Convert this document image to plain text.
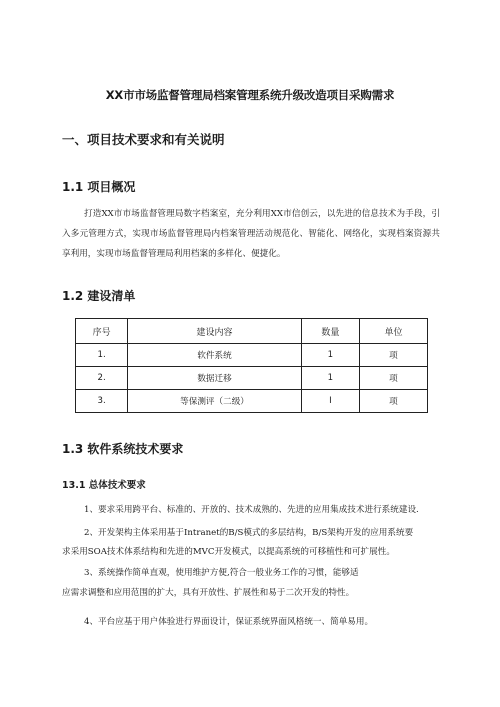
XX市市场监督管理局档案管理系统升级改造项目采购需求
一、项目技术要求和有关说明
1.1 项目概况
打造XX市市场监督管理局数字档案室，充分利用XX市信创云，以先进的信息技术为手段，引入多元管理方式，实现市场监督管理局内档案管理活动规范化、智能化、网络化，实现档案资源共享利用，实现市场监督管理局利用档案的多样化、便捷化。
1.2 建设清单
序号	建设内容	数量	单位
1.	软件系统	1	项
2.	数据迁移	1	项
3.	等保测评（二级）	I	项
1.3 软件系统技术要求
13.1 总体技术要求
1、要求采用跨平台、标准的、开放的、技术成熟的、先进的应用集成技术进行系统建设.
2、开发架构主体采用基于Intranet的B/S模式的多层结构，B/S架构开发的应用系统要
求采用SOA技术体系结构和先进的MVC开发模式，以提高系统的可移植性和可扩展性。
3、系统操作简单直观，使用维护方便,符合一般业务工作的习惯，能够适
应需求调整和应用范围的扩大，具有开放性、扩展性和易于二次开发的特性。
4、平台应基于用户体验进行界面设计，保证系统界面风格统一、简单易用。
